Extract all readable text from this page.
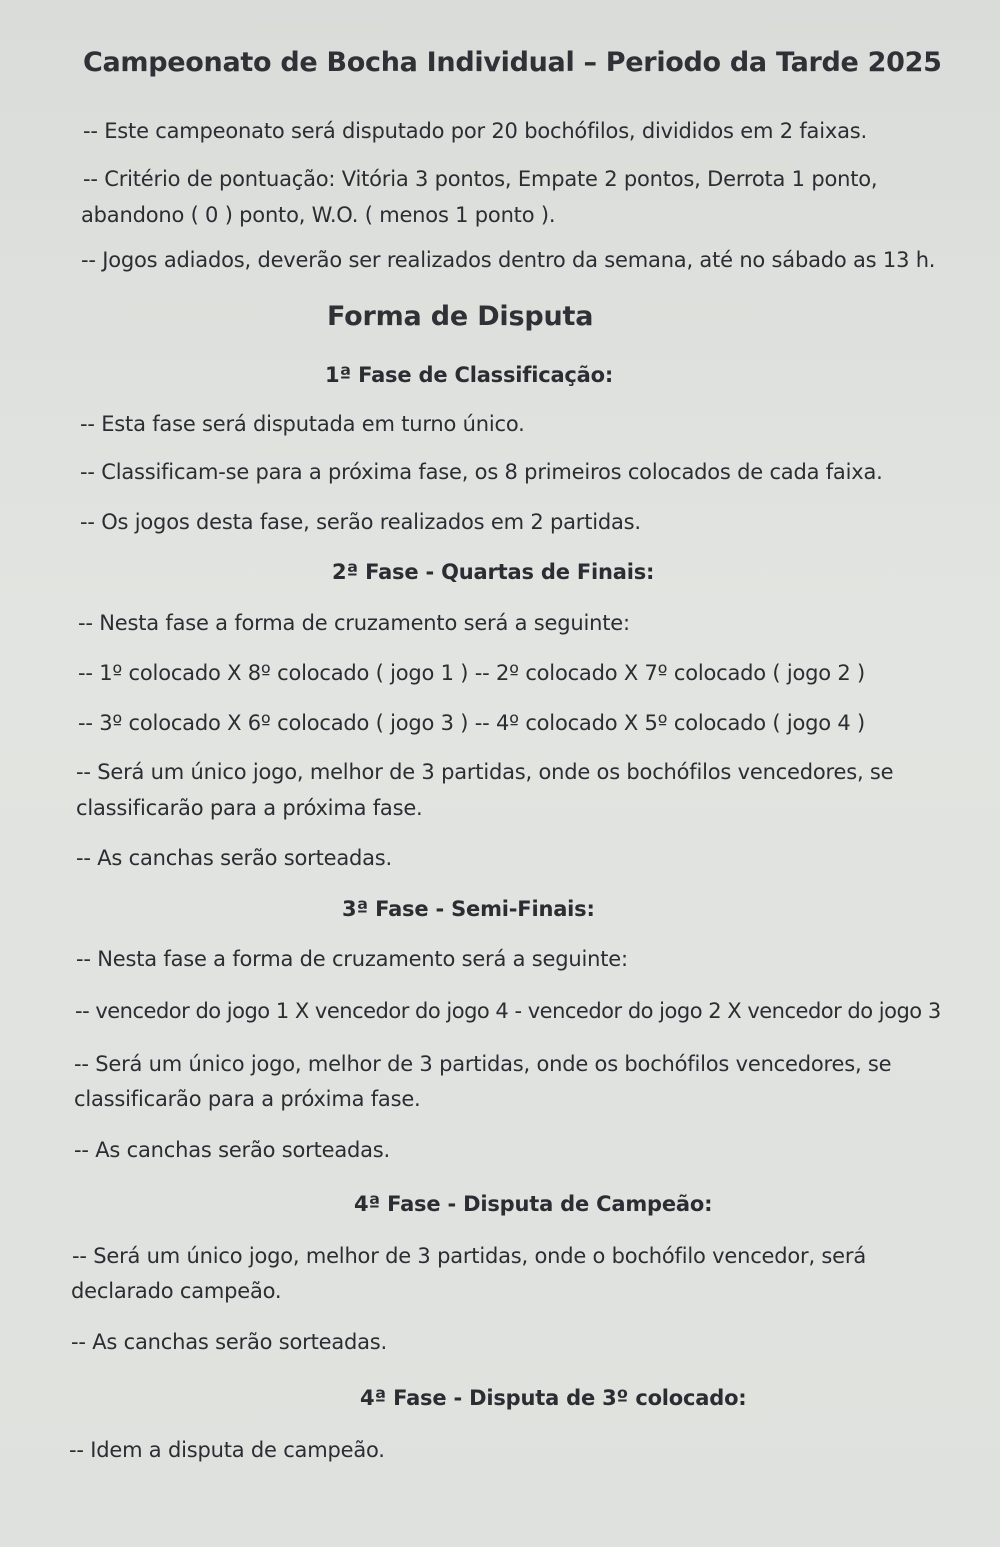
Campeonato de Bocha Individual – Periodo da Tarde 2025
-- Este campeonato será disputado por 20 bochófilos, divididos em 2 faixas.
-- Critério de pontuação: Vitória 3 pontos, Empate 2 pontos, Derrota 1 ponto,
abandono ( 0 ) ponto, W.O. ( menos 1 ponto ).
-- Jogos adiados, deverão ser realizados dentro da semana, até no sábado as 13 h.
Forma de Disputa
1ª Fase de Classificação:
-- Esta fase será disputada em turno único.
-- Classificam-se para a próxima fase, os 8 primeiros colocados de cada faixa.
-- Os jogos desta fase, serão realizados em 2 partidas.
2ª Fase - Quartas de Finais:
-- Nesta fase a forma de cruzamento será a seguinte:
-- 1º colocado X 8º colocado ( jogo 1 ) -- 2º colocado X 7º colocado ( jogo 2 )
-- 3º colocado X 6º colocado ( jogo 3 ) -- 4º colocado X 5º colocado ( jogo 4 )
-- Será um único jogo, melhor de 3 partidas, onde os bochófilos vencedores, se
classificarão para a próxima fase.
-- As canchas serão sorteadas.
3ª Fase - Semi-Finais:
-- Nesta fase a forma de cruzamento será a seguinte:
-- vencedor do jogo 1 X vencedor do jogo 4 - vencedor do jogo 2 X vencedor do jogo 3
-- Será um único jogo, melhor de 3 partidas, onde os bochófilos vencedores, se
classificarão para a próxima fase.
-- As canchas serão sorteadas.
4ª Fase - Disputa de Campeão:
-- Será um único jogo, melhor de 3 partidas, onde o bochófilo vencedor, será
declarado campeão.
-- As canchas serão sorteadas.
4ª Fase - Disputa de 3º colocado:
-- Idem a disputa de campeão.
